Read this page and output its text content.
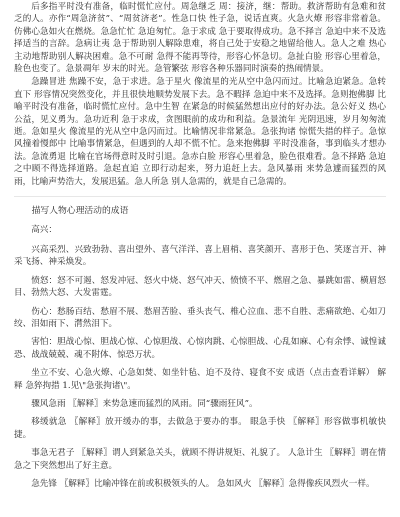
后多指平时没有准备，临时慌忙应付。周急继乏 周：接济，继：帮助。救济帮助有急难和贫乏的人。亦作“周急济贫”、“周贫济老”。性急口快 性子急，说话直爽。火急火燎 形容非常着急。仿佛心急如火在燃烧。急急忙忙 急迫匆忙。急于求成 急于要取得成功。急不择言 急迫中来不及选择适当的言辞。急病让夷 急于帮助别人解除患难，将自己处于安稳之地留给他人。急人之难 热心主动地帮助别人解决困难。急不可耐 急得不能再等待，形容心怀急切。急扯白脸 形容心里着急，脸色也变了。急景凋年 岁末的时光。急管繁弦 形容各种乐器同时演奏的热闹情景。

急躁冒进 焦躁不安，急于求进。急于星火 像流星的光从空中急闪而过。比喻急迫紧急。急转直下 形容情况突然变化，并且很快地顺势发展下去。急不暇择 急迫中来不及选择。急则抱佛脚 比喻平时没有准备，临时慌忙应付。急中生智 在紧急的时候猛然想出应付的好办法。急公好义 热心公益，见义勇为。急功近利 急于求成，贪图眼前的成功和利益。急景流年 光阴迅速，岁月匆匆流逝。急如星火 像流星的光从空中急闪而过。比喻情况非常紧急。急张拘诸 惊慌失措的样子。急惊风撞着慢郎中 比喻事情紧急，但遇到的人却不慌不忙。急来抱佛脚 平时没准备，事到临头才想办法。急流勇退 比喻在官场得意时及时引退。急赤白脸 形容心里着急，脸色很难看。急不择路 急迫之中顾不得选择道路。急起直追 立即行动起来，努力追赶上去。急风暴雨 来势急遽而猛烈的风雨，比喻声势浩大，发展迅猛。急人所急 别人急需的，就是自己急需的。

描写人物心理活动的成语

高兴：

兴高采烈、兴致勃勃、喜出望外、喜气洋洋、喜上眉梢、喜笑颜开、喜形于色、笑逐言开、神采飞扬、神采焕发。

愤怒：怒不可遏、怒发冲冠、怒火中烧、怒气冲天、愤愤不平、燃眉之急、暴跳如雷、横眉怒目、勃然大怒、大发雷霆。

伤心：愁肠百结、愁眉不展、愁眉苦脸、垂头丧气、椎心泣血、悲不自胜、悲痛欲绝、心如刀绞、泪如雨下、潸然泪下。

害怕：胆战心惊、胆战心惊、心惊胆战、心惊肉跳、心惊胆战、心乱如麻、心有余悸、诚惶诚恐、战战兢兢、魂不附体、惊恐万状。

坐立不安、心急火燎、心急如焚、如坐针毡、迫不及待、寝食不安 成语（点击查看详解） 解释 急猝拘措 1.见\"急张拘诸\"。

骤风急雨 〖解释〗来势急速而猛烈的风雨。同“骤雨狂风”。

移缓就急 〖解释〗放开缓办的事，去做急于要办的事。 眼急手快 〖解释〗形容做事机敏快捷。

事急无君子 〖解释〗谓人到紧急关头，就顾不得讲规矩、礼貌了。 人急计生 〖解释〗谓在情急之下突然想出了好主意。

急先锋 〖解释〗比喻冲锋在前或积极领头的人。 急如风火 〖解释〗急得像疾风烈火一样。
